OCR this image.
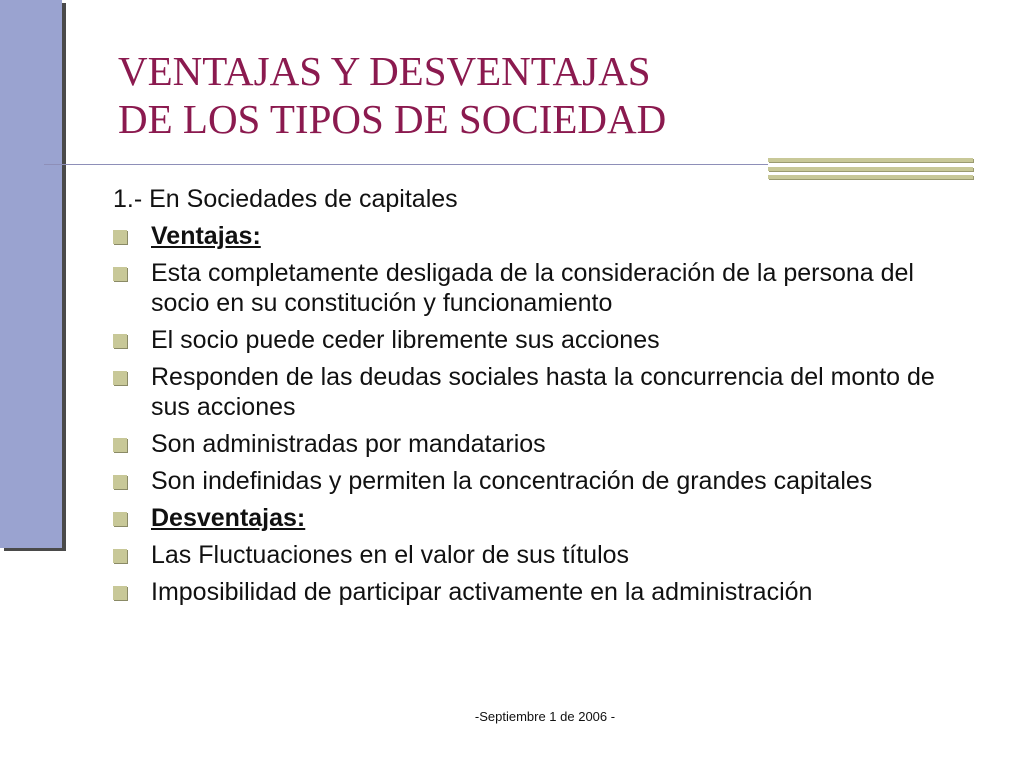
VENTAJAS Y DESVENTAJAS
DE LOS TIPOS DE SOCIEDAD
1.- En Sociedades de capitales
Ventajas:
Esta completamente desligada de la consideración de la persona del socio en su constitución y funcionamiento
El socio puede ceder libremente sus acciones
Responden de las deudas sociales hasta la concurrencia del monto de sus acciones
Son administradas por mandatarios
Son indefinidas y permiten la concentración de grandes capitales
Desventajas:
Las Fluctuaciones en el valor de sus títulos
Imposibilidad de participar activamente en la administración
-Septiembre 1 de 2006 -
